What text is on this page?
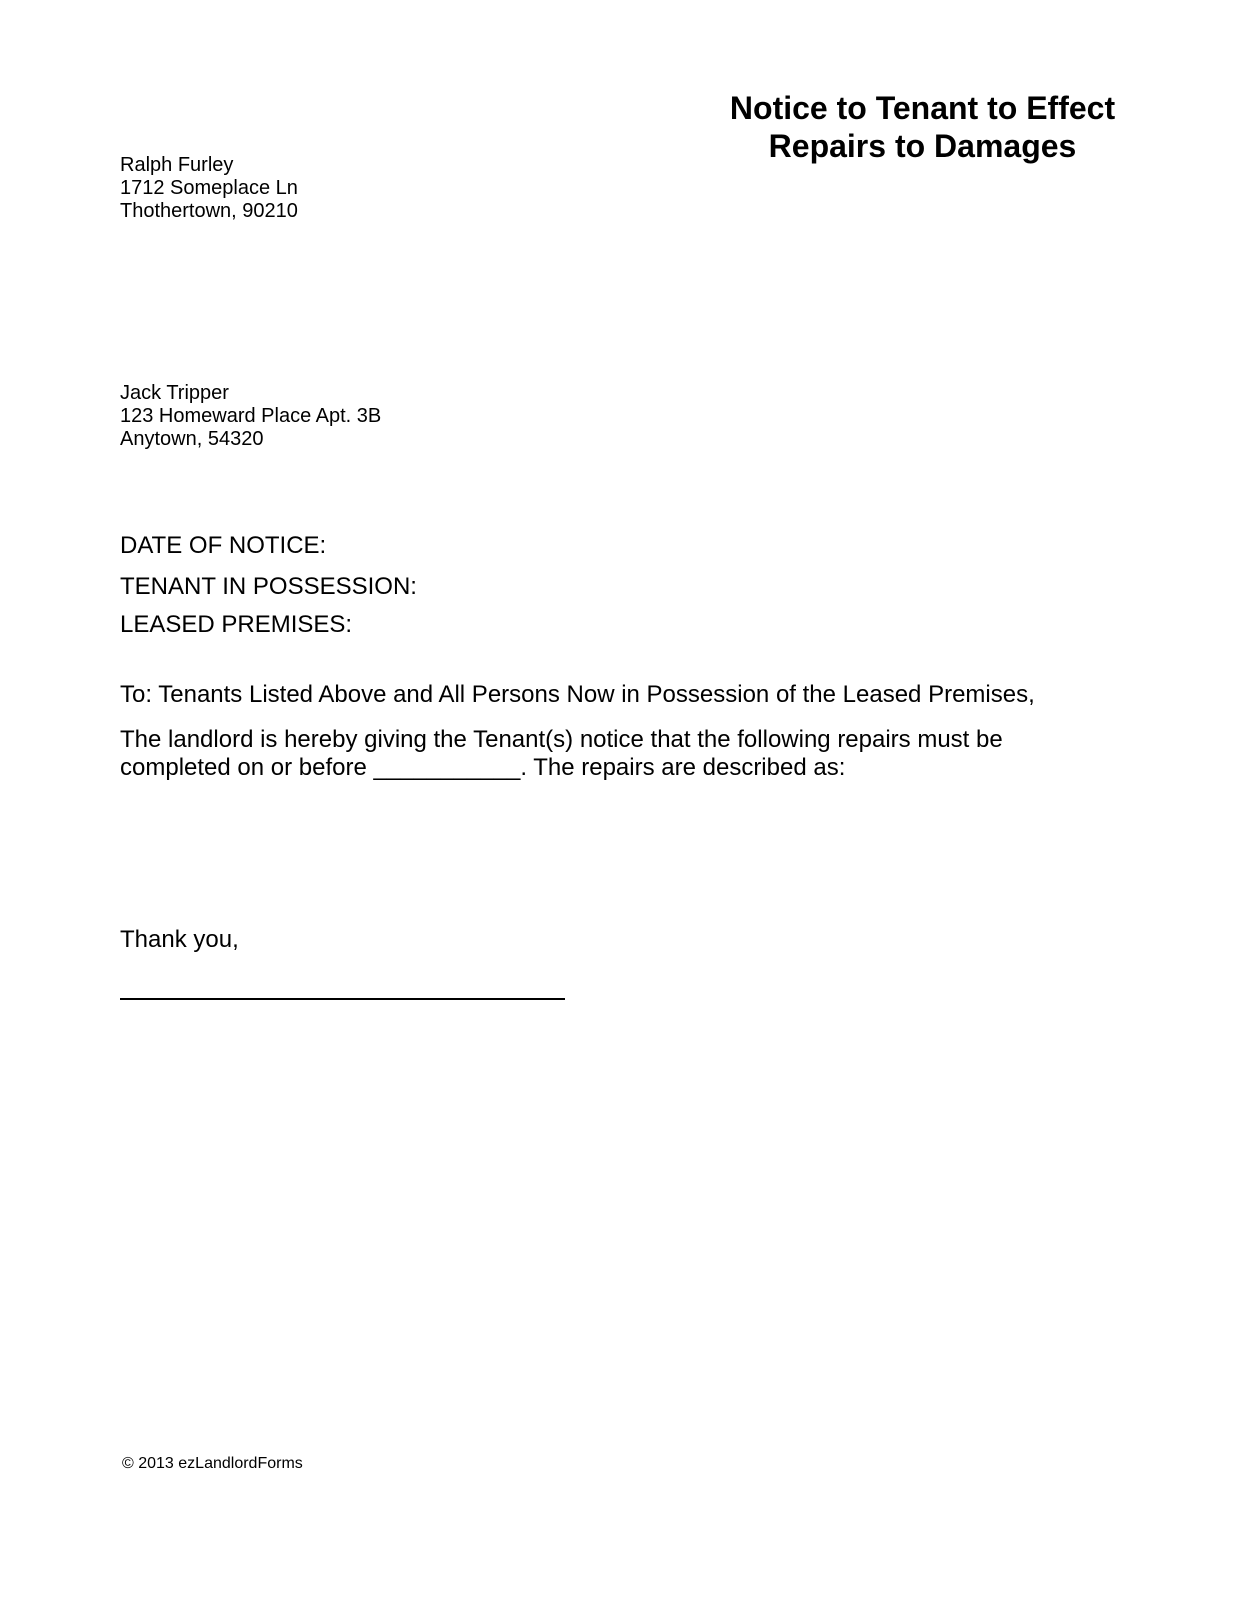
Notice to Tenant to Effect
Repairs to Damages
Ralph Furley
1712 Someplace Ln
Thothertown, 90210
Jack Tripper
123 Homeward Place Apt. 3B
Anytown, 54320
DATE OF NOTICE:
TENANT IN POSSESSION:
LEASED PREMISES:
To: Tenants Listed Above and All Persons Now in Possession of the Leased Premises,
The landlord is hereby giving the Tenant(s) notice that the following repairs must be
completed on or before ___________. The repairs are described as:
Thank you,
© 2013 ezLandlordForms
